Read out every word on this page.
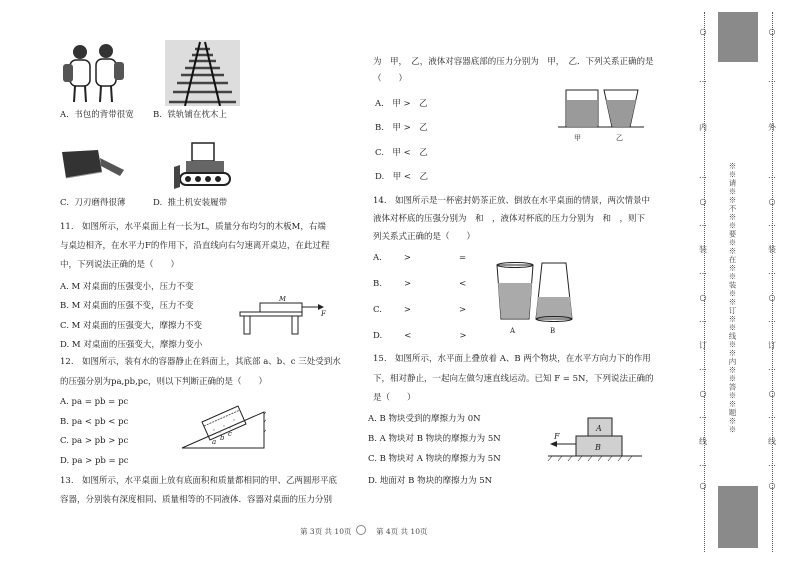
A. 书包的背带很宽 B. 铁轨铺在枕木上
C. 刀刃磨得很薄	D. 推土机安装履带
11.　如图所示，水平桌面上有一长为L，质量分布均匀的木板M，右端
与桌边相齐，在水平力F的作用下，沿直线向右匀速离开桌边，在此过程
中，下列说法正确的是（　　）
A. M 对桌面的压强变小，压力不变
B. M 对桌面的压强不变，压力不变
C. M 对桌面的压强变大，摩擦力不变
D. M 对桌面的压强变大，摩擦力变小
M
F
12.　如图所示，装有水的容器静止在斜面上，其底部 a、b、c 三处受到水
的压强分别为pa,pb,pc，则以下判断正确的是（　　）
A. pa = pb = pc
B. pa < pb < pc
C. pa > pb > pc
D. pa > pb = pc
a b c
13.　如图所示，水平桌面上放有底面积和质量都相同的甲、乙两圆形平底
容器，分别装有深度相同、质量相等的不同液体．容器对桌面的压力分别
第 3页 共 10页	第 4页 共 10页
为　甲，　乙，液体对容器底部的压力分别为　甲，　乙．下列关系正确的是
（　　）
A.　甲 >　乙
B.　甲 >　乙
C.　甲 <　乙
D.　甲 <　乙
甲	乙
14.　如图所示是一杯密封奶茶正放、倒放在水平桌面的情景，两次情景中
液体对杯底的压强分别为　和　，液体对杯底的压力分别为　和　，则下
列关系式正确的是（　　）
A.	>	=
B.	>	<
C.	>	>
D.	<	>	A	B
15.　如图所示，水平面上叠放着 A、B 两个物块，在水平方向力下的作用
下，相对静止，一起向左做匀速直线运动。已知 F = 5N，下列说法正确的
是（　　）
A. B 物块受到的摩擦力为 0N
B. A 物块对 B 物块的摩擦力为 5N
C. B 物块对 A 物块的摩擦力为 5N
D. 地面对 B 物块的摩擦力为 5N
F
A
B
※※请※※不※※要※※在※※装※※订※※线※※内※※答※※题※※
○
…
内
…
○
…
装
…
○
…
订
…
○
…
线
…
○
○
…
外
…
○
…
装
…
○
…
订
…
○
…
线
…
○
